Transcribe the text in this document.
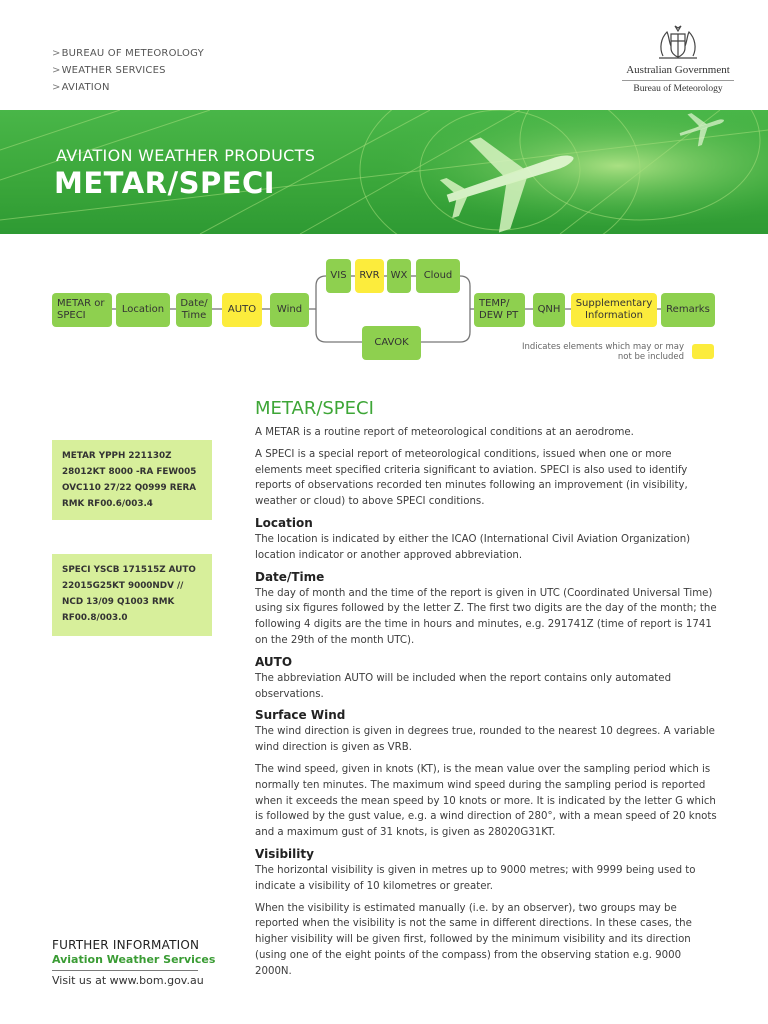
>BUREAU OF METEOROLOGY
>WEATHER SERVICES
>AVIATION
Australian Government
Bureau of Meteorology
AVIATION WEATHER PRODUCTS
METAR/SPECI
METAR or SPECI
Location
Date/ Time
AUTO	Wind
VIS	RVR	WX	Cloud
CAVOK
TEMP/ DEW PT
QNH
Supplementary Information
Remarks
Indicates elements which may or may not be included
METAR YPPH 221130Z
28012KT 8000 -RA FEW005
OVC110 27/22 Q0999 RERA
RMK RF00.6/003.4
SPECI YSCB 171515Z AUTO
22015G25KT 9000NDV //
NCD 13/09 Q1003 RMK
RF00.8/003.0
FURTHER INFORMATION
Aviation Weather Services
Visit us at www.bom.gov.au
METAR/SPECI

A METAR is a routine report of meteorological conditions at an aerodrome.

A SPECI is a special report of meteorological conditions, issued when one or more elements meet specified criteria significant to aviation. SPECI is also used to identify reports of observations recorded ten minutes following an improvement (in visibility, weather or cloud) to above SPECI conditions.

Location

The location is indicated by either the ICAO (International Civil Aviation Organization) location indicator or another approved abbreviation.

Date/Time

The day of month and the time of the report is given in UTC (Coordinated Universal Time) using six figures followed by the letter Z. The first two digits are the day of the month; the following 4 digits are the time in hours and minutes, e.g. 291741Z (time of report is 1741 on the 29th of the month UTC).

AUTO

The abbreviation AUTO will be included when the report contains only automated observations.

Surface Wind

The wind direction is given in degrees true, rounded to the nearest 10 degrees. A variable wind direction is given as VRB.

The wind speed, given in knots (KT), is the mean value over the sampling period which is normally ten minutes. The maximum wind speed during the sampling period is reported when it exceeds the mean speed by 10 knots or more. It is indicated by the letter G which is followed by the gust value, e.g. a wind direction of 280°, with a mean speed of 20 knots and a maximum gust of 31 knots, is given as 28020G31KT.

Visibility

The horizontal visibility is given in metres up to 9000 metres; with 9999 being used to indicate a visibility of 10 kilometres or greater.

When the visibility is estimated manually (i.e. by an observer), two groups may be reported when the visibility is not the same in different directions. In these cases, the higher visibility will be given first, followed by the minimum visibility and its direction (using one of the eight points of the compass) from the observing station e.g. 9000 2000N.
